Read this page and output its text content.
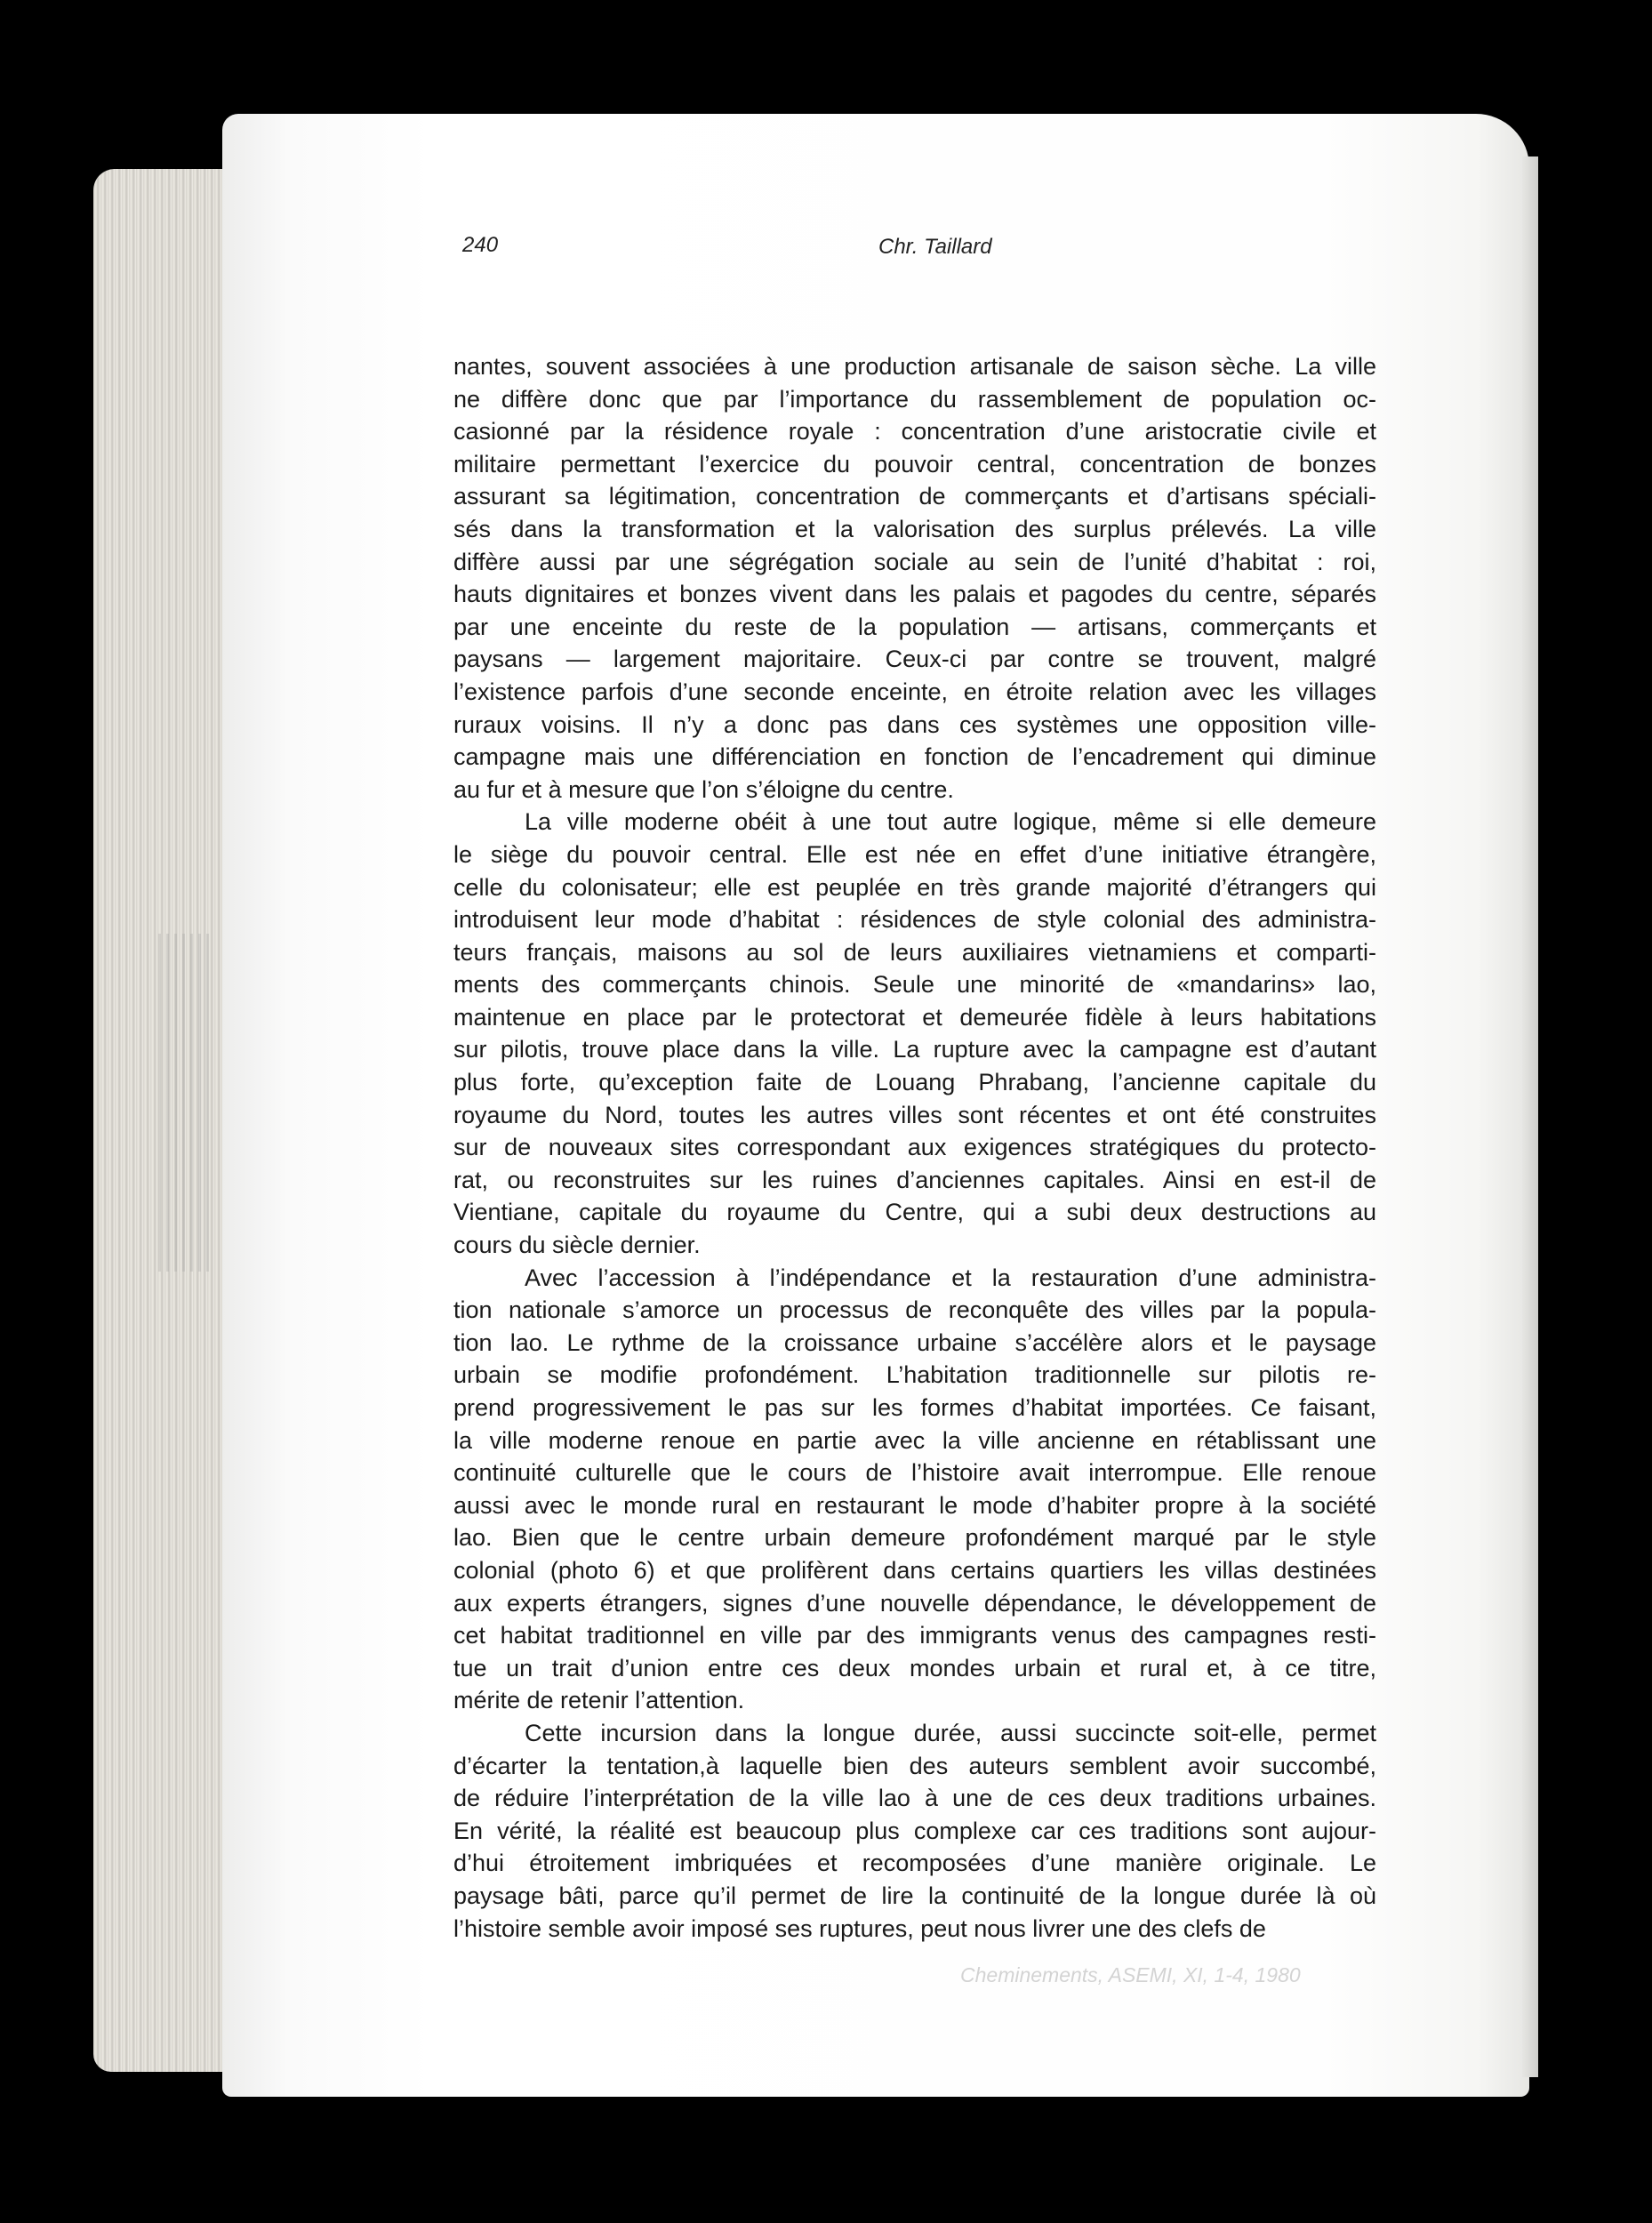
240	Chr. Taillard
nantes, souvent associées à une production artisanale de saison sèche. La ville
ne diffère donc que par l’importance du rassemblement de population oc-
casionné par la résidence royale : concentration d’une aristocratie civile et
militaire permettant l’exercice du pouvoir central, concentration de bonzes
assurant sa légitimation, concentration de commerçants et d’artisans spéciali-
sés dans la transformation et la valorisation des surplus prélevés. La ville
diffère aussi par une ségrégation sociale au sein de l’unité d’habitat : roi,
hauts dignitaires et bonzes vivent dans les palais et pagodes du centre, séparés
par une enceinte du reste de la population — artisans, commerçants et
paysans — largement majoritaire. Ceux-ci par contre se trouvent, malgré
l’existence parfois d’une seconde enceinte, en étroite relation avec les villages
ruraux voisins. Il n’y a donc pas dans ces systèmes une opposition ville-
campagne mais une différenciation en fonction de l’encadrement qui diminue
au fur et à mesure que l’on s’éloigne du centre.
La ville moderne obéit à une tout autre logique, même si elle demeure
le siège du pouvoir central. Elle est née en effet d’une initiative étrangère,
celle du colonisateur; elle est peuplée en très grande majorité d’étrangers qui
introduisent leur mode d’habitat : résidences de style colonial des administra-
teurs français, maisons au sol de leurs auxiliaires vietnamiens et comparti-
ments des commerçants chinois. Seule une minorité de «mandarins» lao,
maintenue en place par le protectorat et demeurée fidèle à leurs habitations
sur pilotis, trouve place dans la ville. La rupture avec la campagne est d’autant
plus forte, qu’exception faite de Louang Phrabang, l’ancienne capitale du
royaume du Nord, toutes les autres villes sont récentes et ont été construites
sur de nouveaux sites correspondant aux exigences stratégiques du protecto-
rat, ou reconstruites sur les ruines d’anciennes capitales. Ainsi en est-il de
Vientiane, capitale du royaume du Centre, qui a subi deux destructions au
cours du siècle dernier.
Avec l’accession à l’indépendance et la restauration d’une administra-
tion nationale s’amorce un processus de reconquête des villes par la popula-
tion lao. Le rythme de la croissance urbaine s’accélère alors et le paysage
urbain se modifie profondément. L’habitation traditionnelle sur pilotis re-
prend progressivement le pas sur les formes d’habitat importées. Ce faisant,
la ville moderne renoue en partie avec la ville ancienne en rétablissant une
continuité culturelle que le cours de l’histoire avait interrompue. Elle renoue
aussi avec le monde rural en restaurant le mode d’habiter propre à la société
lao. Bien que le centre urbain demeure profondément marqué par le style
colonial (photo 6) et que prolifèrent dans certains quartiers les villas destinées
aux experts étrangers, signes d’une nouvelle dépendance, le développement de
cet habitat traditionnel en ville par des immigrants venus des campagnes resti-
tue un trait d’union entre ces deux mondes urbain et rural et, à ce titre,
mérite de retenir l’attention.
Cette incursion dans la longue durée, aussi succincte soit-elle, permet
d’écarter la tentation,à laquelle bien des auteurs semblent avoir succombé,
de réduire l’interprétation de la ville lao à une de ces deux traditions urbaines.
En vérité, la réalité est beaucoup plus complexe car ces traditions sont aujour-
d’hui étroitement imbriquées et recomposées d’une manière originale. Le
paysage bâti, parce qu’il permet de lire la continuité de la longue durée là où
l’histoire semble avoir imposé ses ruptures, peut nous livrer une des clefs de
Cheminements, ASEMI, XI, 1-4, 1980
